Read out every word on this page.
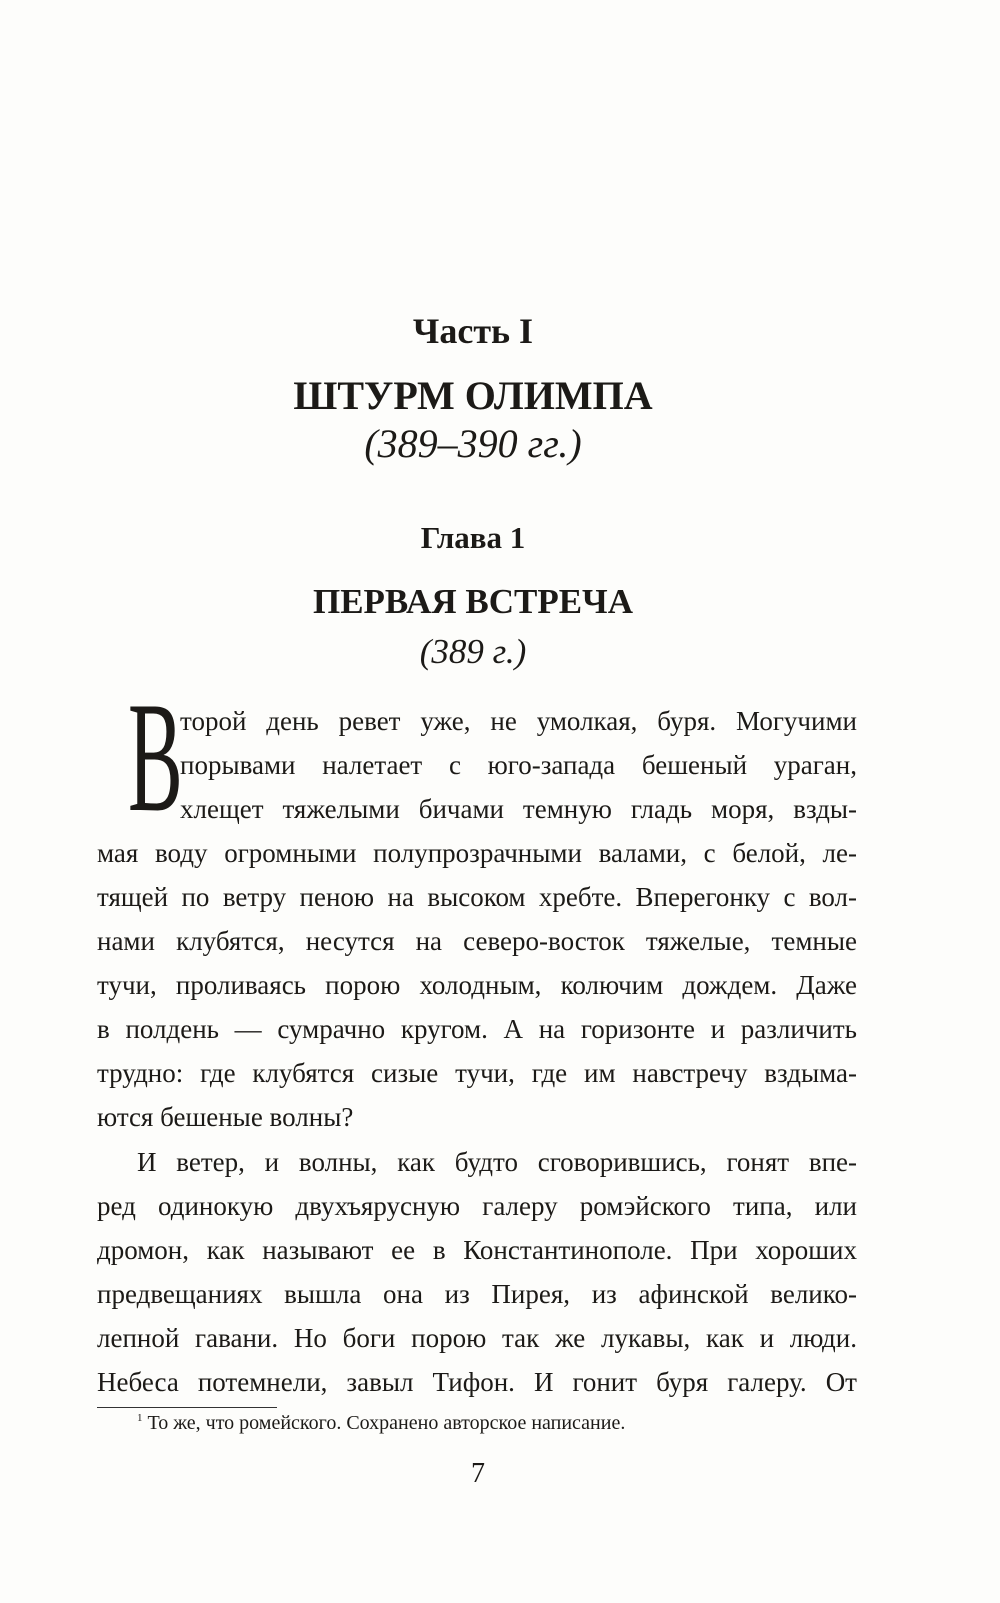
Часть I
ШТУРМ ОЛИМПА
(389–390 гг.)
Глава 1
ПЕРВАЯ ВСТРЕЧА
(389 г.)
В
торой день ревет уже, не умолкая, буря. Могучими
порывами налетает с юго-запада бешеный ураган,
хлещет тяжелыми бичами темную гладь моря, взды-
мая воду огромными полупрозрачными валами, с белой, ле-
тящей по ветру пеною на высоком хребте. Вперегонку с вол-
нами клубятся, несутся на северо-восток тяжелые, темные
тучи, проливаясь порою холодным, колючим дождем. Даже
в полдень — сумрачно кругом. А на горизонте и различить
трудно: где клубятся сизые тучи, где им навстречу вздыма-
ются бешеные волны?
И ветер, и волны, как будто сговорившись, гонят впе-
ред одинокую двухъярусную галеру ромэйского типа, или
дромон, как называют ее в Константинополе. При хороших
предвещаниях вышла она из Пирея, из афинской велико-
лепной гавани. Но боги порою так же лукавы, как и люди.
Небеса потемнели, завыл Тифон. И гонит буря галеру. От
$^1$ То же, что ромейского. Сохранено авторское написание.
7
